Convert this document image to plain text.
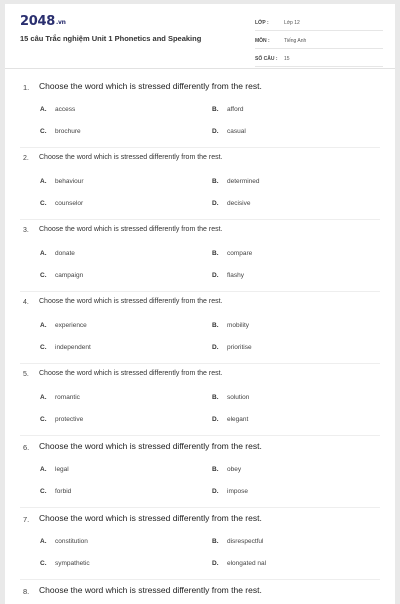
2048.vn
15 câu Trắc nghiệm Unit 1 Phonetics and Speaking
LỚP :	Lớp 12
MÔN :	Tiếng Anh
SỐ CÂU :	15
1. Choose the word which is stressed differently from the rest.
A. access	B. afford
C. brochure	D. casual
2. Choose the word which is stressed differently from the rest.
A. behaviour	B. determined
C. counselor	D. decisive
3. Choose the word which is stressed differently from the rest.
A. donate	B. compare
C. campaign	D. flashy
4. Choose the word which is stressed differently from the rest.
A. experience	B. mobility
C. independent	D. prioritise
5. Choose the word which is stressed differently from the rest.
A. romantic	B. solution
C. protective	D. elegant
6. Choose the word which is stressed differently from the rest.
A. legal	B. obey
C. forbid	D. impose
7. Choose the word which is stressed differently from the rest.
A. constitution	B. disrespectful
C. sympathetic	D. elongated nal
8. Choose the word which is stressed differently from the rest.
